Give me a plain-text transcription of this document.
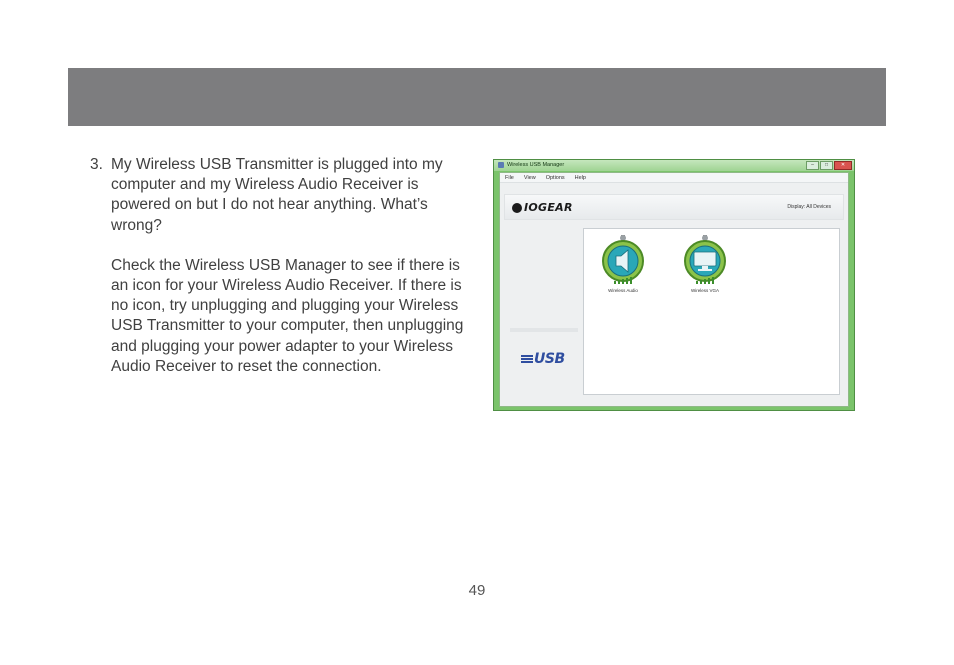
3. My Wireless USB Transmitter is plugged into my computer and my Wireless Audio Receiver is powered on but I do not hear anything. What’s wrong?
Check the Wireless USB Manager to see if there is an icon for your Wireless Audio Receiver. If there is no icon, try unplugging and plugging your Wireless USB Transmitter to your computer, then unplugging and plugging your power adapter to your Wireless Audio Receiver to reset the connection.
Wireless USB Manager	–	□	✕
File View Options Help
IOGEAR	Display: All Devices
USB
Wireless Audio	Wireless VGA
49
